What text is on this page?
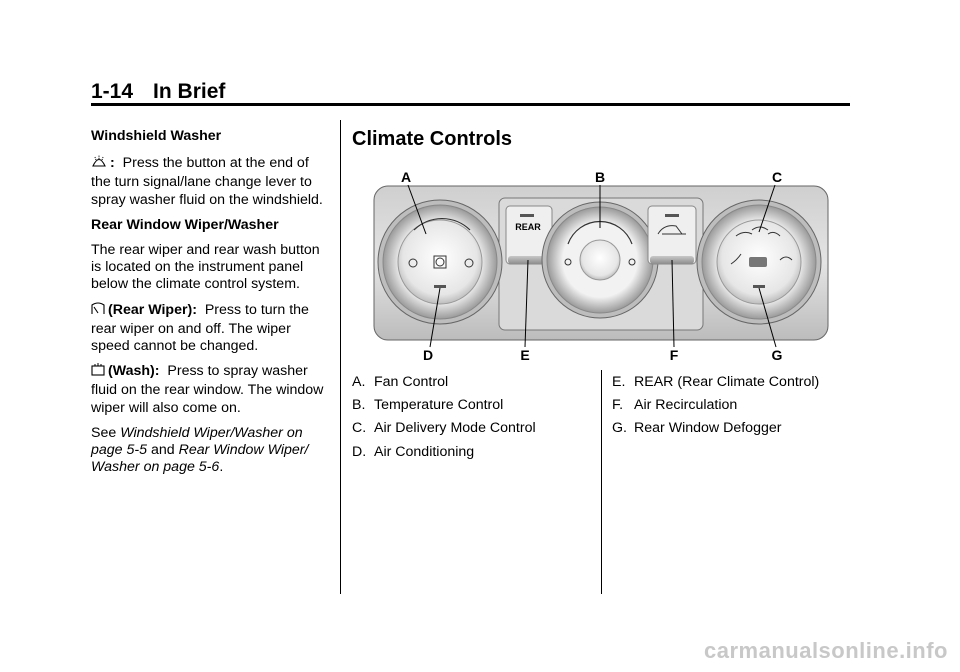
1-14 In Brief

Windshield Washer

: Press the button at the end of the turn signal/lane change lever to spray washer fluid on the windshield.

Rear Window Wiper/Washer

The rear wiper and rear wash button is located on the instrument panel below the climate control system.

(Rear Wiper): Press to turn the rear wiper on and off. The wiper speed cannot be changed.

(Wash): Press to spray washer fluid on the rear window. The window wiper will also come on.

See Windshield Wiper/Washer on page 5-5 and Rear Window Wiper/ Washer on page 5-6.

Climate Controls
A	B	C
D	E	F	G
REAR
A. Fan Control
B. Temperature Control
C. Air Delivery Mode Control
D. Air Conditioning
E. REAR (Rear Climate Control)
F. Air Recirculation
G. Rear Window Defogger
carmanualsonline.info
